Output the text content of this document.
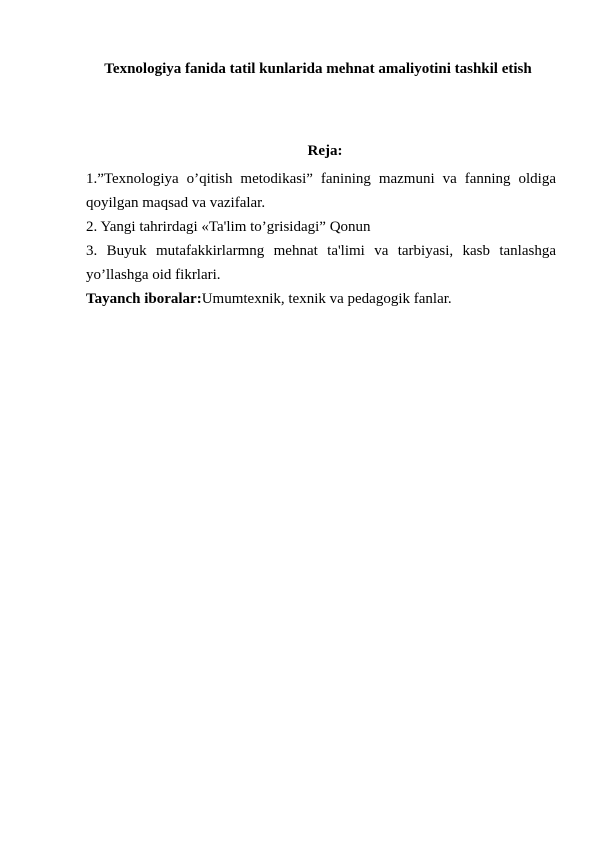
Texnologiya fanida tatil kunlarida mehnat amaliyotini tashkil etish
Reja:

1.”Texnologiya o’qitish metodikasi” fanining mazmuni va fanning oldiga qoyilgan maqsad va vazifalar.

2. Yangi tahrirdagi «Ta'lim to’grisidagi” Qonun

3. Buyuk mutafakkirlarmng mehnat ta'limi va tarbiyasi, kasb tanlashga yo’llashga oid fikrlari.

Tayanch iboralar:Umumtexnik, texnik va pedagogik fanlar.
